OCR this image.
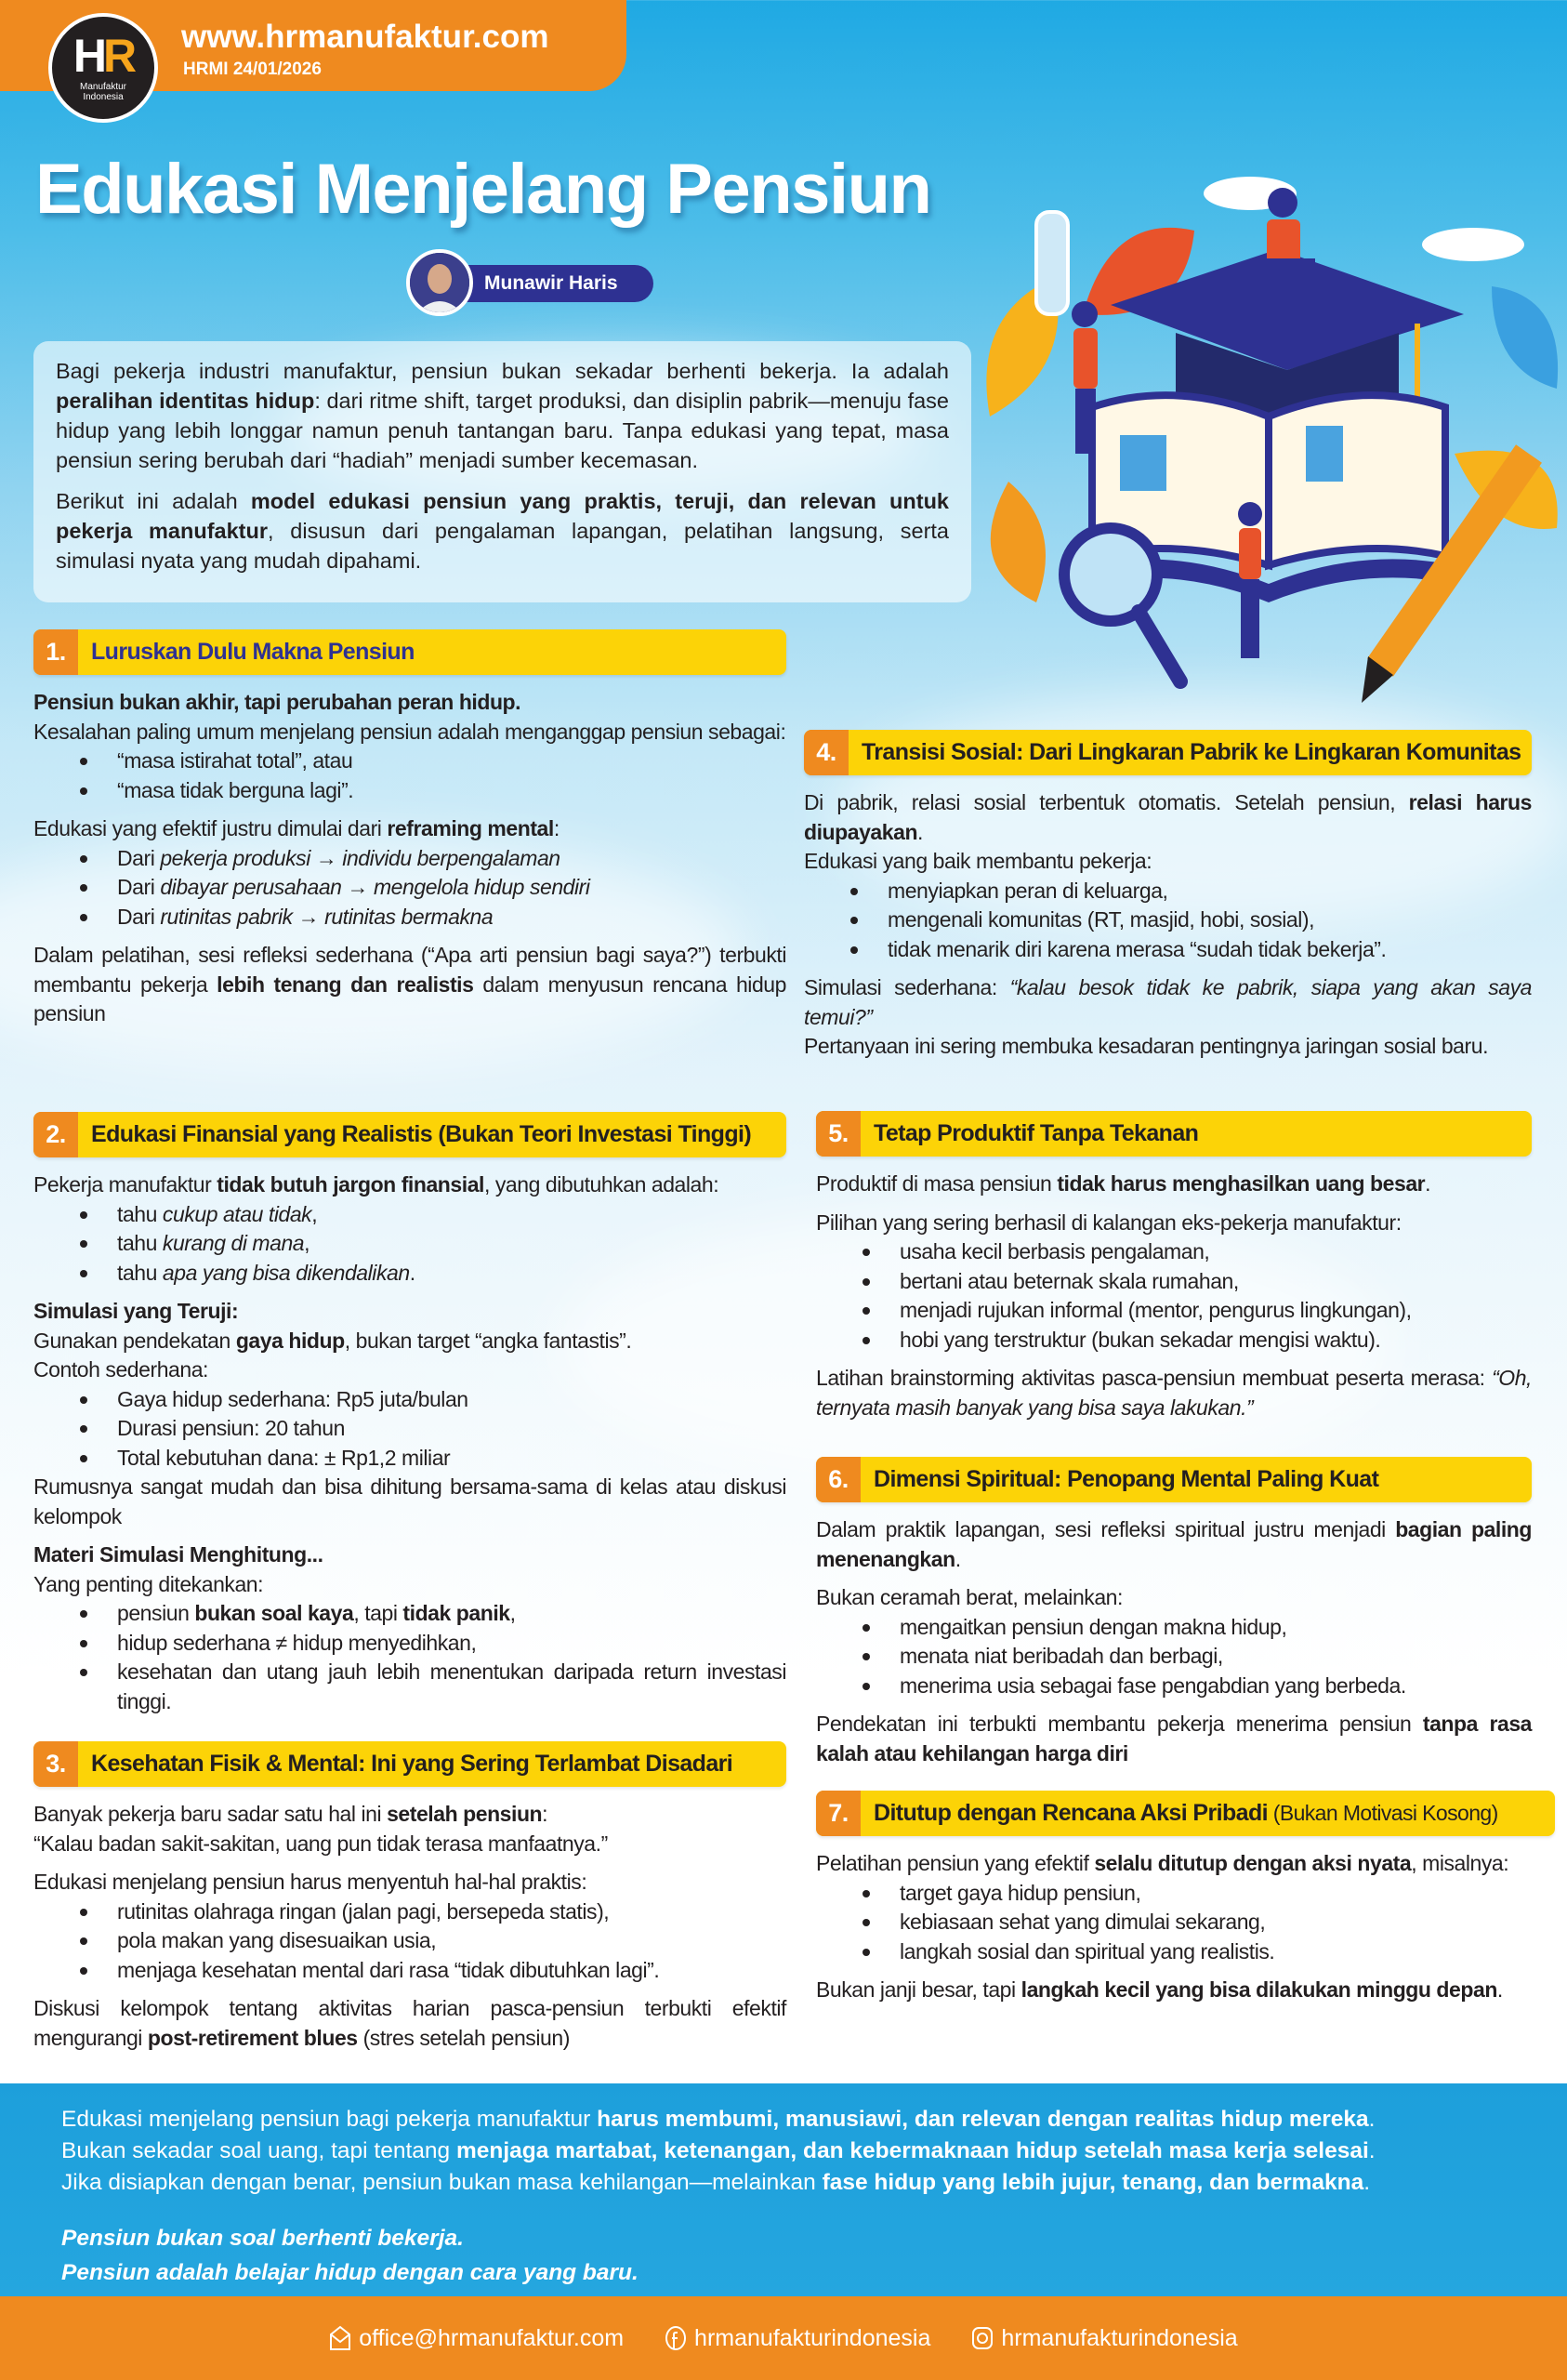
HR
Manufaktur
Indonesia
www.hrmanufaktur.com
HRMI 24/01/2026
Edukasi Menjelang Pensiun
Munawir Haris

Bagi pekerja industri manufaktur, pensiun bukan sekadar berhenti bekerja. Ia adalah peralihan identitas hidup: dari ritme shift, target produksi, dan disiplin pabrik—menuju fase hidup yang lebih longgar namun penuh tantangan baru. Tanpa edukasi yang tepat, masa pensiun sering berubah dari “hadiah” menjadi sumber kecemasan.

Berikut ini adalah model edukasi pensiun yang praktis, teruji, dan relevan untuk pekerja manufaktur, disusun dari pengalaman lapangan, pelatihan langsung, serta simulasi nyata yang mudah dipahami.

1.	Luruskan Dulu Makna Pensiun

Pensiun bukan akhir, tapi perubahan peran hidup.

Kesalahan paling umum menjelang pensiun adalah menganggap pensiun sebagai:

“masa istirahat total”, atau
“masa tidak berguna lagi”.

Edukasi yang efektif justru dimulai dari reframing mental:

Dari pekerja produksi → individu berpengalaman
Dari dibayar perusahaan → mengelola hidup sendiri
Dari rutinitas pabrik → rutinitas bermakna

Dalam pelatihan, sesi refleksi sederhana (“Apa arti pensiun bagi saya?”) terbukti membantu pekerja lebih tenang dan realistis dalam menyusun rencana hidup pensiun

2.	Edukasi Finansial yang Realistis (Bukan Teori Investasi Tinggi)

Pekerja manufaktur tidak butuh jargon finansial, yang dibutuhkan adalah:

tahu cukup atau tidak,
tahu kurang di mana,
tahu apa yang bisa dikendalikan.

Simulasi yang Teruji:

Gunakan pendekatan gaya hidup, bukan target “angka fantastis”.

Contoh sederhana:

Gaya hidup sederhana: Rp5 juta/bulan
Durasi pensiun: 20 tahun
Total kebutuhan dana: ± Rp1,2 miliar

Rumusnya sangat mudah dan bisa dihitung bersama-sama di kelas atau diskusi kelompok

Materi Simulasi Menghitung...

Yang penting ditekankan:

pensiun bukan soal kaya, tapi tidak panik,
hidup sederhana ≠ hidup menyedihkan,
kesehatan dan utang jauh lebih menentukan daripada return investasi tinggi.
3.	Kesehatan Fisik & Mental: Ini yang Sering Terlambat Disadari

Banyak pekerja baru sadar satu hal ini setelah pensiun:

“Kalau badan sakit-sakitan, uang pun tidak terasa manfaatnya.”

Edukasi menjelang pensiun harus menyentuh hal-hal praktis:

rutinitas olahraga ringan (jalan pagi, bersepeda statis),
pola makan yang disesuaikan usia,
menjaga kesehatan mental dari rasa “tidak dibutuhkan lagi”.

Diskusi kelompok tentang aktivitas harian pasca-pensiun terbukti efektif mengurangi post-retirement blues (stres setelah pensiun)

4.	Transisi Sosial: Dari Lingkaran Pabrik ke Lingkaran Komunitas

Di pabrik, relasi sosial terbentuk otomatis. Setelah pensiun, relasi harus diupayakan.

Edukasi yang baik membantu pekerja:

menyiapkan peran di keluarga,
mengenali komunitas (RT, masjid, hobi, sosial),
tidak menarik diri karena merasa “sudah tidak bekerja”.

Simulasi sederhana: “kalau besok tidak ke pabrik, siapa yang akan saya temui?”

Pertanyaan ini sering membuka kesadaran pentingnya jaringan sosial baru.

5.	Tetap Produktif Tanpa Tekanan

Produktif di masa pensiun tidak harus menghasilkan uang besar.

Pilihan yang sering berhasil di kalangan eks-pekerja manufaktur:

usaha kecil berbasis pengalaman,
bertani atau beternak skala rumahan,
menjadi rujukan informal (mentor, pengurus lingkungan),
hobi yang terstruktur (bukan sekadar mengisi waktu).

Latihan brainstorming aktivitas pasca-pensiun membuat peserta merasa: “Oh, ternyata masih banyak yang bisa saya lakukan.”

6.	Dimensi Spiritual: Penopang Mental Paling Kuat

Dalam praktik lapangan, sesi refleksi spiritual justru menjadi bagian paling menenangkan.

Bukan ceramah berat, melainkan:

mengaitkan pensiun dengan makna hidup,
menata niat beribadah dan berbagi,
menerima usia sebagai fase pengabdian yang berbeda.

Pendekatan ini terbukti membantu pekerja menerima pensiun tanpa rasa kalah atau kehilangan harga diri

7.	Ditutup dengan Rencana Aksi Pribadi (Bukan Motivasi Kosong)

Pelatihan pensiun yang efektif selalu ditutup dengan aksi nyata, misalnya:

target gaya hidup pensiun,
kebiasaan sehat yang dimulai sekarang,
langkah sosial dan spiritual yang realistis.

Bukan janji besar, tapi langkah kecil yang bisa dilakukan minggu depan.

Edukasi menjelang pensiun bagi pekerja manufaktur harus membumi, manusiawi, dan relevan dengan realitas hidup mereka.
Bukan sekadar soal uang, tapi tentang menjaga martabat, ketenangan, dan kebermaknaan hidup setelah masa kerja selesai.
Jika disiapkan dengan benar, pensiun bukan masa kehilangan—melainkan fase hidup yang lebih jujur, tenang, dan bermakna.
Pensiun bukan soal berhenti bekerja.
Pensiun adalah belajar hidup dengan cara yang baru.
office@hrmanufaktur.com	hrmanufakturindonesia	hrmanufakturindonesia
